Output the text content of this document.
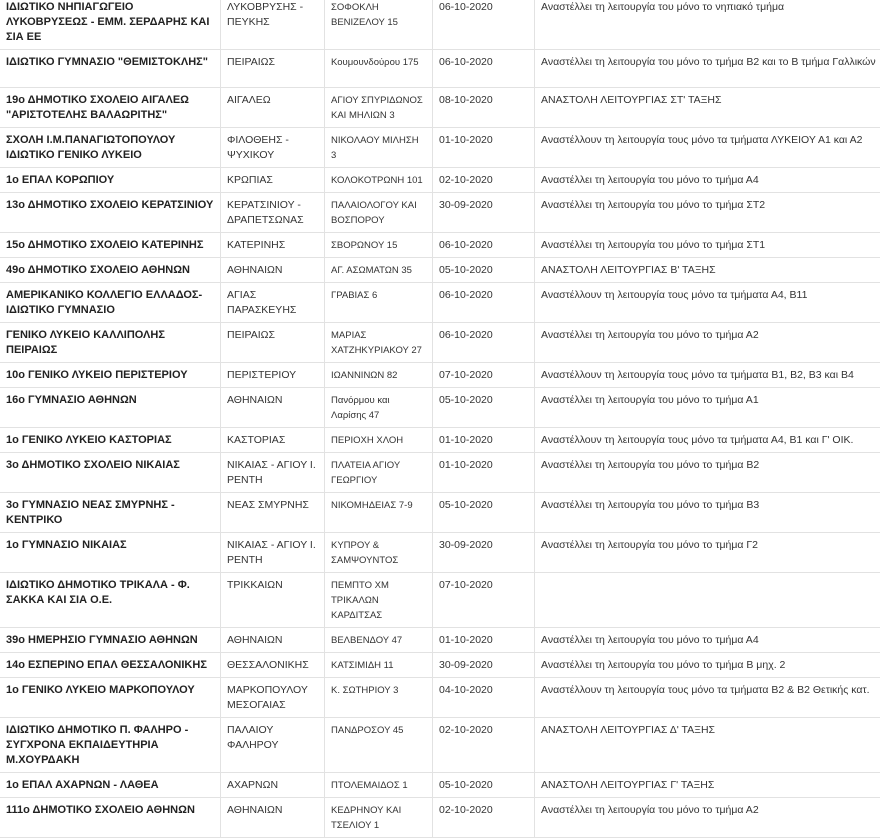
ΙΔΙΩΤΙΚΟ ΝΗΠΙΑΓΩΓΕΙΟ ΛΥΚΟΒΡΥΣΕΩΣ - ΕΜΜ. ΣΕΡΔΑΡΗΣ ΚΑΙ ΣΙΑ ΕΕ	ΛΥΚΟΒΡΥΣΗΣ - ΠΕΥΚΗΣ	ΣΟΦΟΚΛΗ ΒΕΝΙΖΕΛΟΥ 15	06-10-2020	Αναστέλλει τη λειτουργία του μόνο το νηπιακό τμήμα
ΙΔΙΩΤΙΚΟ ΓΥΜΝΑΣΙΟ "ΘΕΜΙΣΤΟΚΛΗΣ"	ΠΕΙΡΑΙΩΣ	Κουμουνδούρου 175	06-10-2020	Αναστέλλει τη λειτουργία του μόνο το τμήμα Β2 και το Β τμήμα Γαλλικών
19ο ΔΗΜΟΤΙΚΟ ΣΧΟΛΕΙΟ ΑΙΓΑΛΕΩ "ΑΡΙΣΤΟΤΕΛΗΣ ΒΑΛΑΩΡΙΤΗΣ"	ΑΙΓΑΛΕΩ	ΑΓΙΟΥ ΣΠΥΡΙΔΩΝΟΣ ΚΑΙ ΜΗΛΙΩΝ 3	08-10-2020	ΑΝΑΣΤΟΛΗ ΛΕΙΤΟΥΡΓΙΑΣ ΣΤ' ΤΑΞΗΣ
ΣΧΟΛΗ Ι.Μ.ΠΑΝΑΓΙΩΤΟΠΟΥΛΟΥ ΙΔΙΩΤΙΚΟ ΓΕΝΙΚΟ ΛΥΚΕΙΟ	ΦΙΛΟΘΕΗΣ - ΨΥΧΙΚΟΥ	ΝΙΚΟΛΑΟΥ ΜΙΛΗΣΗ 3	01-10-2020	Αναστέλλουν τη λειτουργία τους μόνο τα τμήματα ΛΥΚΕΙΟΥ Α1 και Α2
1ο ΕΠΑΛ ΚΟΡΩΠΙΟΥ	ΚΡΩΠΙΑΣ	ΚΟΛΟΚΟΤΡΩΝΗ 101	02-10-2020	Αναστέλλει τη λειτουργία του μόνο το τμήμα Α4
13ο ΔΗΜΟΤΙΚΟ ΣΧΟΛΕΙΟ ΚΕΡΑΤΣΙΝΙΟΥ	ΚΕΡΑΤΣΙΝΙΟΥ - ΔΡΑΠΕΤΣΩΝΑΣ	ΠΑΛΑΙΟΛΟΓΟΥ ΚΑΙ ΒΟΣΠΟΡΟΥ	30-09-2020	Αναστέλλει τη λειτουργία του μόνο το τμήμα ΣΤ2
15ο ΔΗΜΟΤΙΚΟ ΣΧΟΛΕΙΟ ΚΑΤΕΡΙΝΗΣ	ΚΑΤΕΡΙΝΗΣ	ΣΒΟΡΩΝΟΥ 15	06-10-2020	Αναστέλλει τη λειτουργία του μόνο το τμήμα ΣΤ1
49ο ΔΗΜΟΤΙΚΟ ΣΧΟΛΕΙΟ ΑΘΗΝΩΝ	ΑΘΗΝΑΙΩΝ	ΑΓ. ΑΣΩΜΑΤΩΝ 35	05-10-2020	ΑΝΑΣΤΟΛΗ ΛΕΙΤΟΥΡΓΙΑΣ Β' ΤΑΞΗΣ
ΑΜΕΡΙΚΑΝΙΚΟ ΚΟΛΛΕΓΙΟ ΕΛΛΑΔΟΣ-ΙΔΙΩΤΙΚΟ ΓΥΜΝΑΣΙΟ	ΑΓΙΑΣ ΠΑΡΑΣΚΕΥΗΣ	ΓΡΑΒΙΑΣ 6	06-10-2020	Αναστέλλουν τη λειτουργία τους μόνο τα τμήματα Α4, Β11
ΓΕΝΙΚΟ ΛΥΚΕΙΟ ΚΑΛΛΙΠΟΛΗΣ ΠΕΙΡΑΙΩΣ	ΠΕΙΡΑΙΩΣ	ΜΑΡΙΑΣ ΧΑΤΖΗΚΥΡΙΑΚΟΥ 27	06-10-2020	Αναστέλλει τη λειτουργία του μόνο το τμήμα Α2
10ο ΓΕΝΙΚΟ ΛΥΚΕΙΟ ΠΕΡΙΣΤΕΡΙΟΥ	ΠΕΡΙΣΤΕΡΙΟΥ	ΙΩΑΝΝΙΝΩΝ 82	07-10-2020	Αναστέλλουν τη λειτουργία τους μόνο τα τμήματα Β1, Β2, Β3 και Β4
16ο ΓΥΜΝΑΣΙΟ ΑΘΗΝΩΝ	ΑΘΗΝΑΙΩΝ	Πανόρμου και Λαρίσης 47	05-10-2020	Αναστέλλει τη λειτουργία του μόνο το τμήμα Α1
1ο ΓΕΝΙΚΟ ΛΥΚΕΙΟ ΚΑΣΤΟΡΙΑΣ	ΚΑΣΤΟΡΙΑΣ	ΠΕΡΙΟΧΗ ΧΛΟΗ	01-10-2020	Αναστέλλουν τη λειτουργία τους μόνο τα τμήματα Α4, Β1 και Γ' ΟΙΚ.
3ο ΔΗΜΟΤΙΚΟ ΣΧΟΛΕΙΟ ΝΙΚΑΙΑΣ	ΝΙΚΑΙΑΣ - ΑΓΙΟΥ Ι. ΡΕΝΤΗ	ΠΛΑΤΕΙΑ ΑΓΙΟΥ ΓΕΩΡΓΙΟΥ	01-10-2020	Αναστέλλει τη λειτουργία του μόνο το τμήμα Β2
3ο ΓΥΜΝΑΣΙΟ ΝΕΑΣ ΣΜΥΡΝΗΣ - ΚΕΝΤΡΙΚΟ	ΝΕΑΣ ΣΜΥΡΝΗΣ	ΝΙΚΟΜΗΔΕΙΑΣ 7-9	05-10-2020	Αναστέλλει τη λειτουργία του μόνο το τμήμα Β3
1ο ΓΥΜΝΑΣΙΟ ΝΙΚΑΙΑΣ	ΝΙΚΑΙΑΣ - ΑΓΙΟΥ Ι. ΡΕΝΤΗ	ΚΥΠΡΟΥ & ΣΑΜΨΟΥΝΤΟΣ	30-09-2020	Αναστέλλει τη λειτουργία του μόνο το τμήμα Γ2
ΙΔΙΩΤΙΚΟ ΔΗΜΟΤΙΚΟ ΤΡΙΚΑΛΑ - Φ. ΣΑΚΚΑ ΚΑΙ ΣΙΑ Ο.Ε.	ΤΡΙΚΚΑΙΩΝ	ΠΕΜΠΤΟ ΧΜ ΤΡΙΚΑΛΩΝ ΚΑΡΔΙΤΣΑΣ	07-10-2020	
39ο ΗΜΕΡΗΣΙΟ ΓΥΜΝΑΣΙΟ ΑΘΗΝΩΝ	ΑΘΗΝΑΙΩΝ	ΒΕΛΒΕΝΔΟΥ 47	01-10-2020	Αναστέλλει τη λειτουργία του μόνο το τμήμα Α4
14ο ΕΣΠΕΡΙΝΟ ΕΠΑΛ ΘΕΣΣΑΛΟΝΙΚΗΣ	ΘΕΣΣΑΛΟΝΙΚΗΣ	ΚΑΤΣΙΜΙΔΗ 11	30-09-2020	Αναστέλλει τη λειτουργία του μόνο το τμήμα Β μηχ. 2
1ο ΓΕΝΙΚΟ ΛΥΚΕΙΟ ΜΑΡΚΟΠΟΥΛΟΥ	ΜΑΡΚΟΠΟΥΛΟΥ ΜΕΣΟΓΑΙΑΣ	Κ. ΣΩΤΗΡΙΟΥ 3	04-10-2020	Αναστέλλουν τη λειτουργία τους μόνο τα τμήματα Β2 & Β2 Θετικής κατ.
ΙΔΙΩΤΙΚΟ ΔΗΜΟΤΙΚΟ Π. ΦΑΛΗΡΟ - ΣΥΓΧΡΟΝΑ ΕΚΠΑΙΔΕΥΤΗΡΙΑ Μ.ΧΟΥΡΔΑΚΗ	ΠΑΛΑΙΟΥ ΦΑΛΗΡΟΥ	ΠΑΝΔΡΟΣΟΥ 45	02-10-2020	ΑΝΑΣΤΟΛΗ ΛΕΙΤΟΥΡΓΙΑΣ Δ' ΤΑΞΗΣ
1ο ΕΠΑΛ ΑΧΑΡΝΩΝ - ΛΑΘΕΑ	ΑΧΑΡΝΩΝ	ΠΤΟΛΕΜΑΙΔΟΣ 1	05-10-2020	ΑΝΑΣΤΟΛΗ ΛΕΙΤΟΥΡΓΙΑΣ Γ' ΤΑΞΗΣ
111ο ΔΗΜΟΤΙΚΟ ΣΧΟΛΕΙΟ ΑΘΗΝΩΝ	ΑΘΗΝΑΙΩΝ	ΚΕΔΡΗΝΟΥ ΚΑΙ ΤΣΕΛΙΟΥ 1	02-10-2020	Αναστέλλει τη λειτουργία του μόνο το τμήμα Α2
